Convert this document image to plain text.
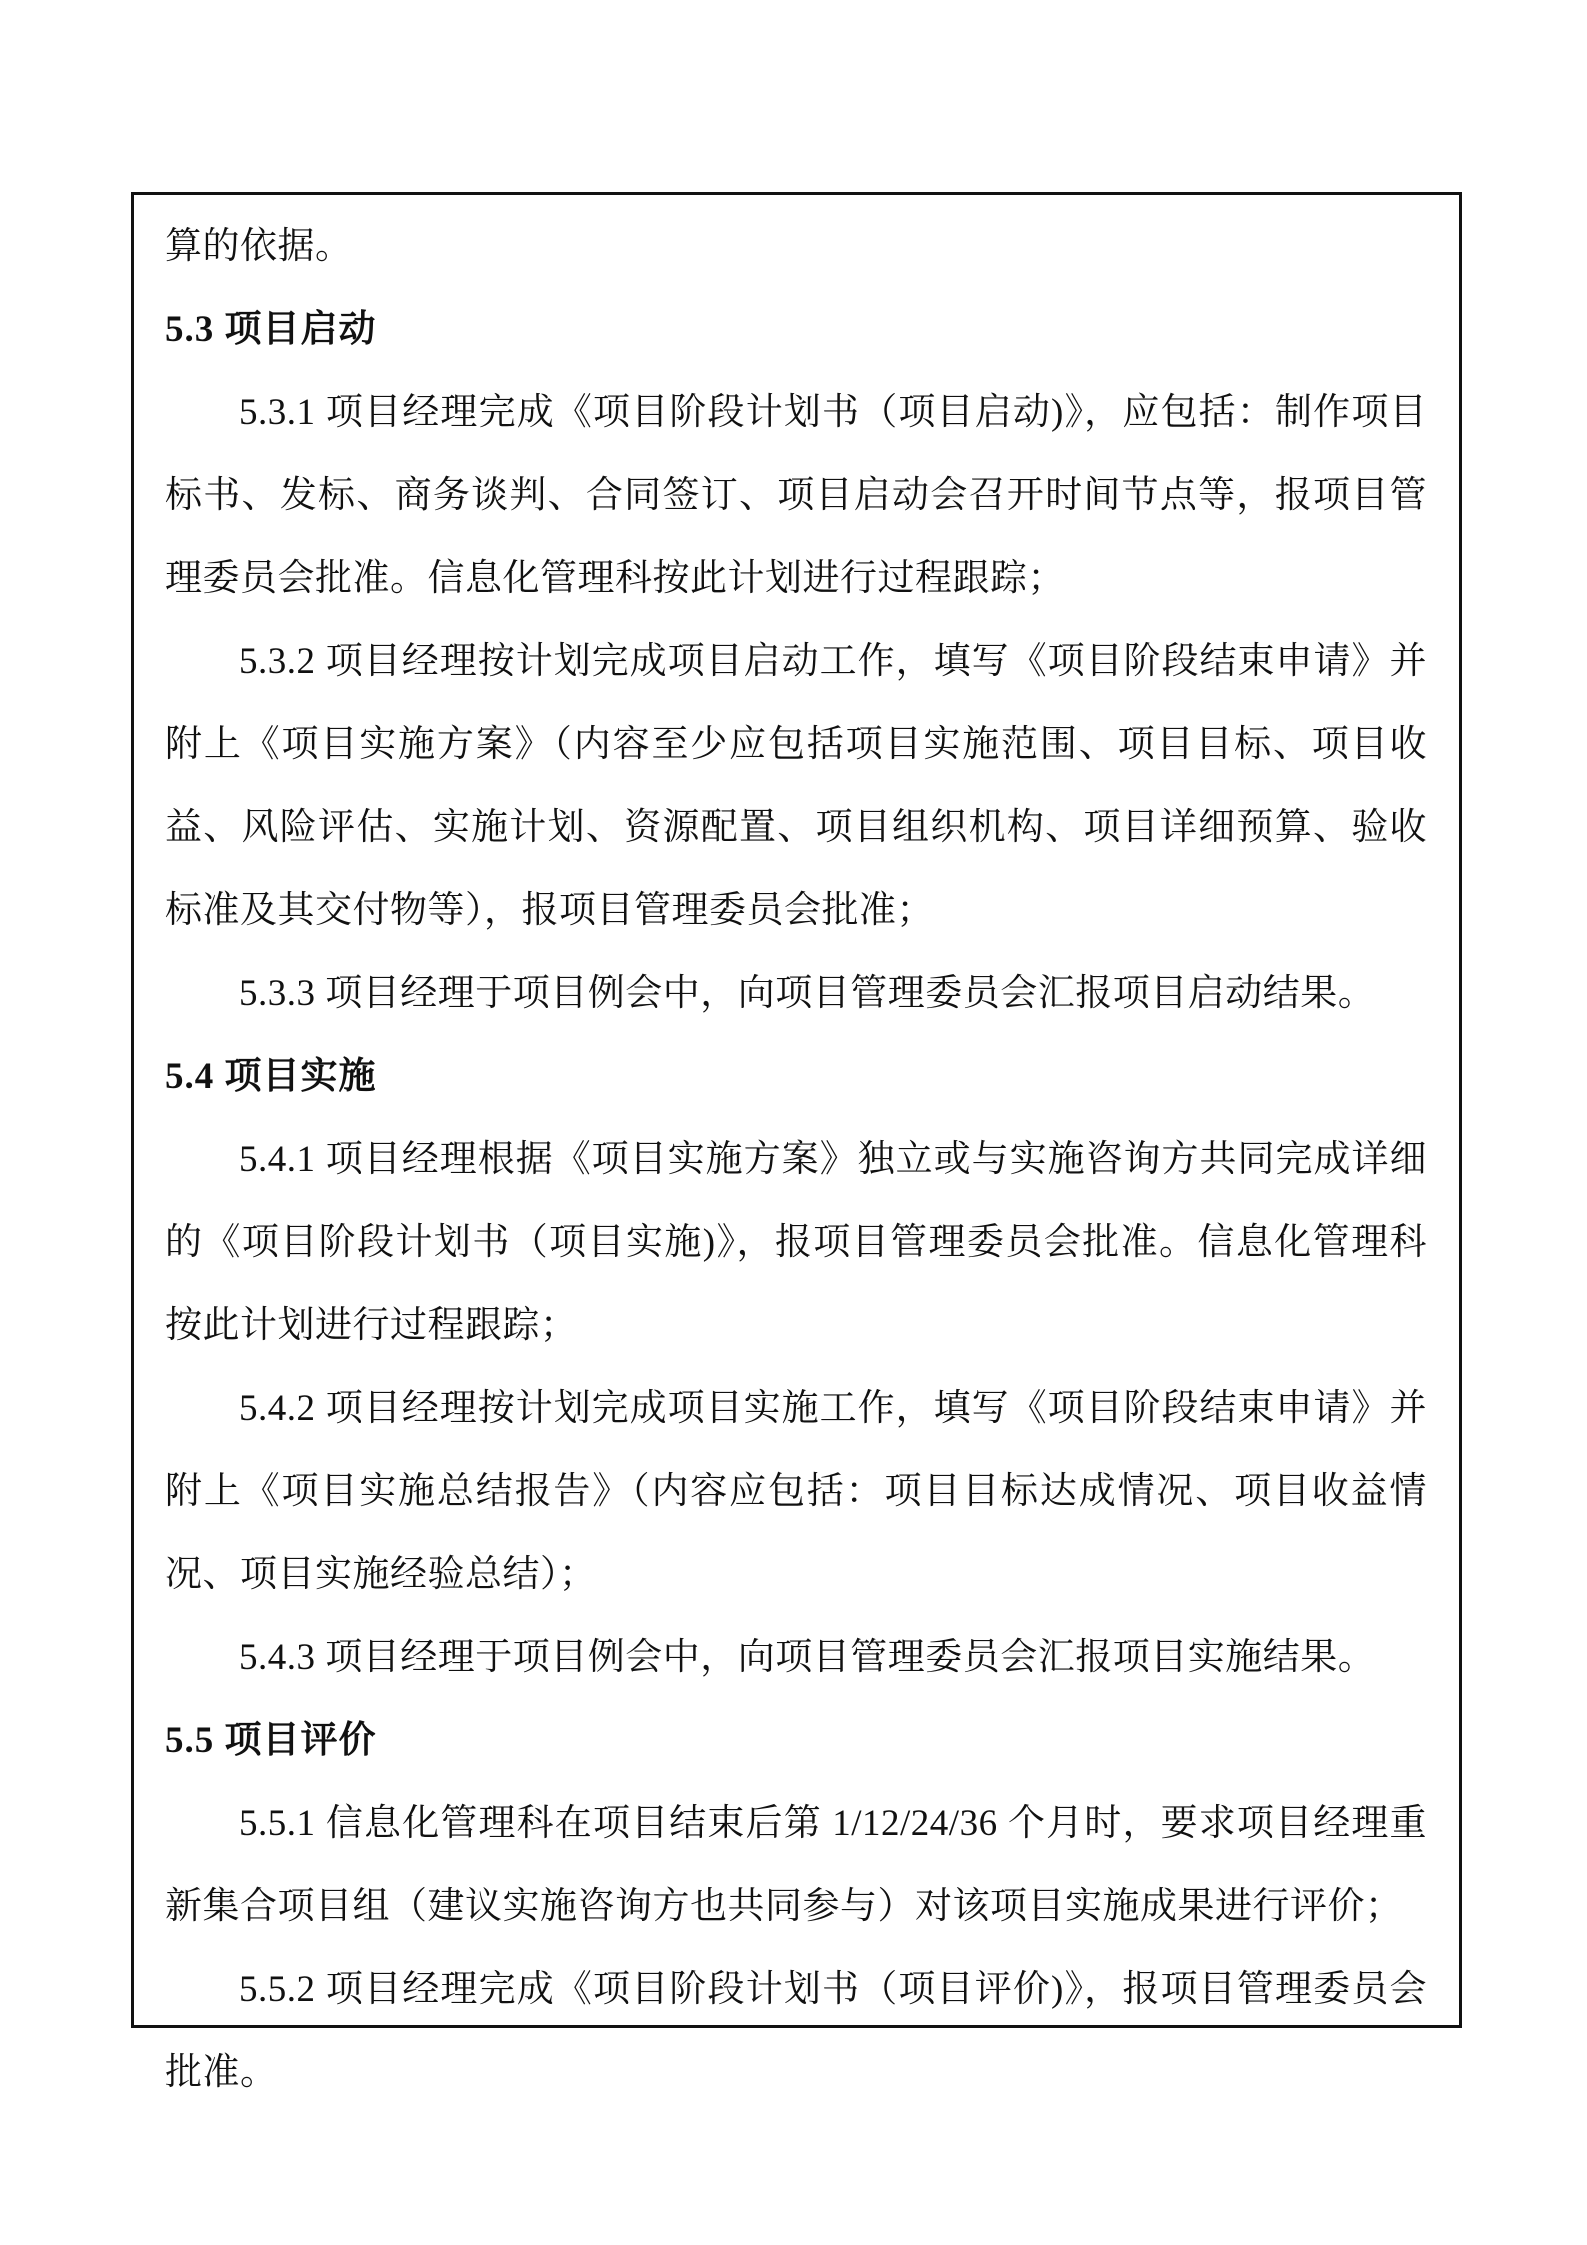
算的依据。

5.3 项目启动

5.3.1 项目经理完成《项目阶段计划书（项目启动)》，应包括：制作项目标书、发标、商务谈判、合同签订、项目启动会召开时间节点等，报项目管理委员会批准。信息化管理科按此计划进行过程跟踪；

5.3.2 项目经理按计划完成项目启动工作，填写《项目阶段结束申请》并附上《项目实施方案》（内容至少应包括项目实施范围、项目目标、项目收益、风险评估、实施计划、资源配置、项目组织机构、项目详细预算、验收标准及其交付物等），报项目管理委员会批准；

5.3.3 项目经理于项目例会中，向项目管理委员会汇报项目启动结果。

5.4 项目实施

5.4.1 项目经理根据《项目实施方案》独立或与实施咨询方共同完成详细的《项目阶段计划书（项目实施)》，报项目管理委员会批准。信息化管理科按此计划进行过程跟踪；

5.4.2 项目经理按计划完成项目实施工作，填写《项目阶段结束申请》并附上《项目实施总结报告》（内容应包括：项目目标达成情况、项目收益情况、项目实施经验总结）；

5.4.3 项目经理于项目例会中，向项目管理委员会汇报项目实施结果。

5.5 项目评价

5.5.1 信息化管理科在项目结束后第 1/12/24/36 个月时，要求项目经理重新集合项目组（建议实施咨询方也共同参与）对该项目实施成果进行评价；

5.5.2 项目经理完成《项目阶段计划书（项目评价)》，报项目管理委员会批准。
